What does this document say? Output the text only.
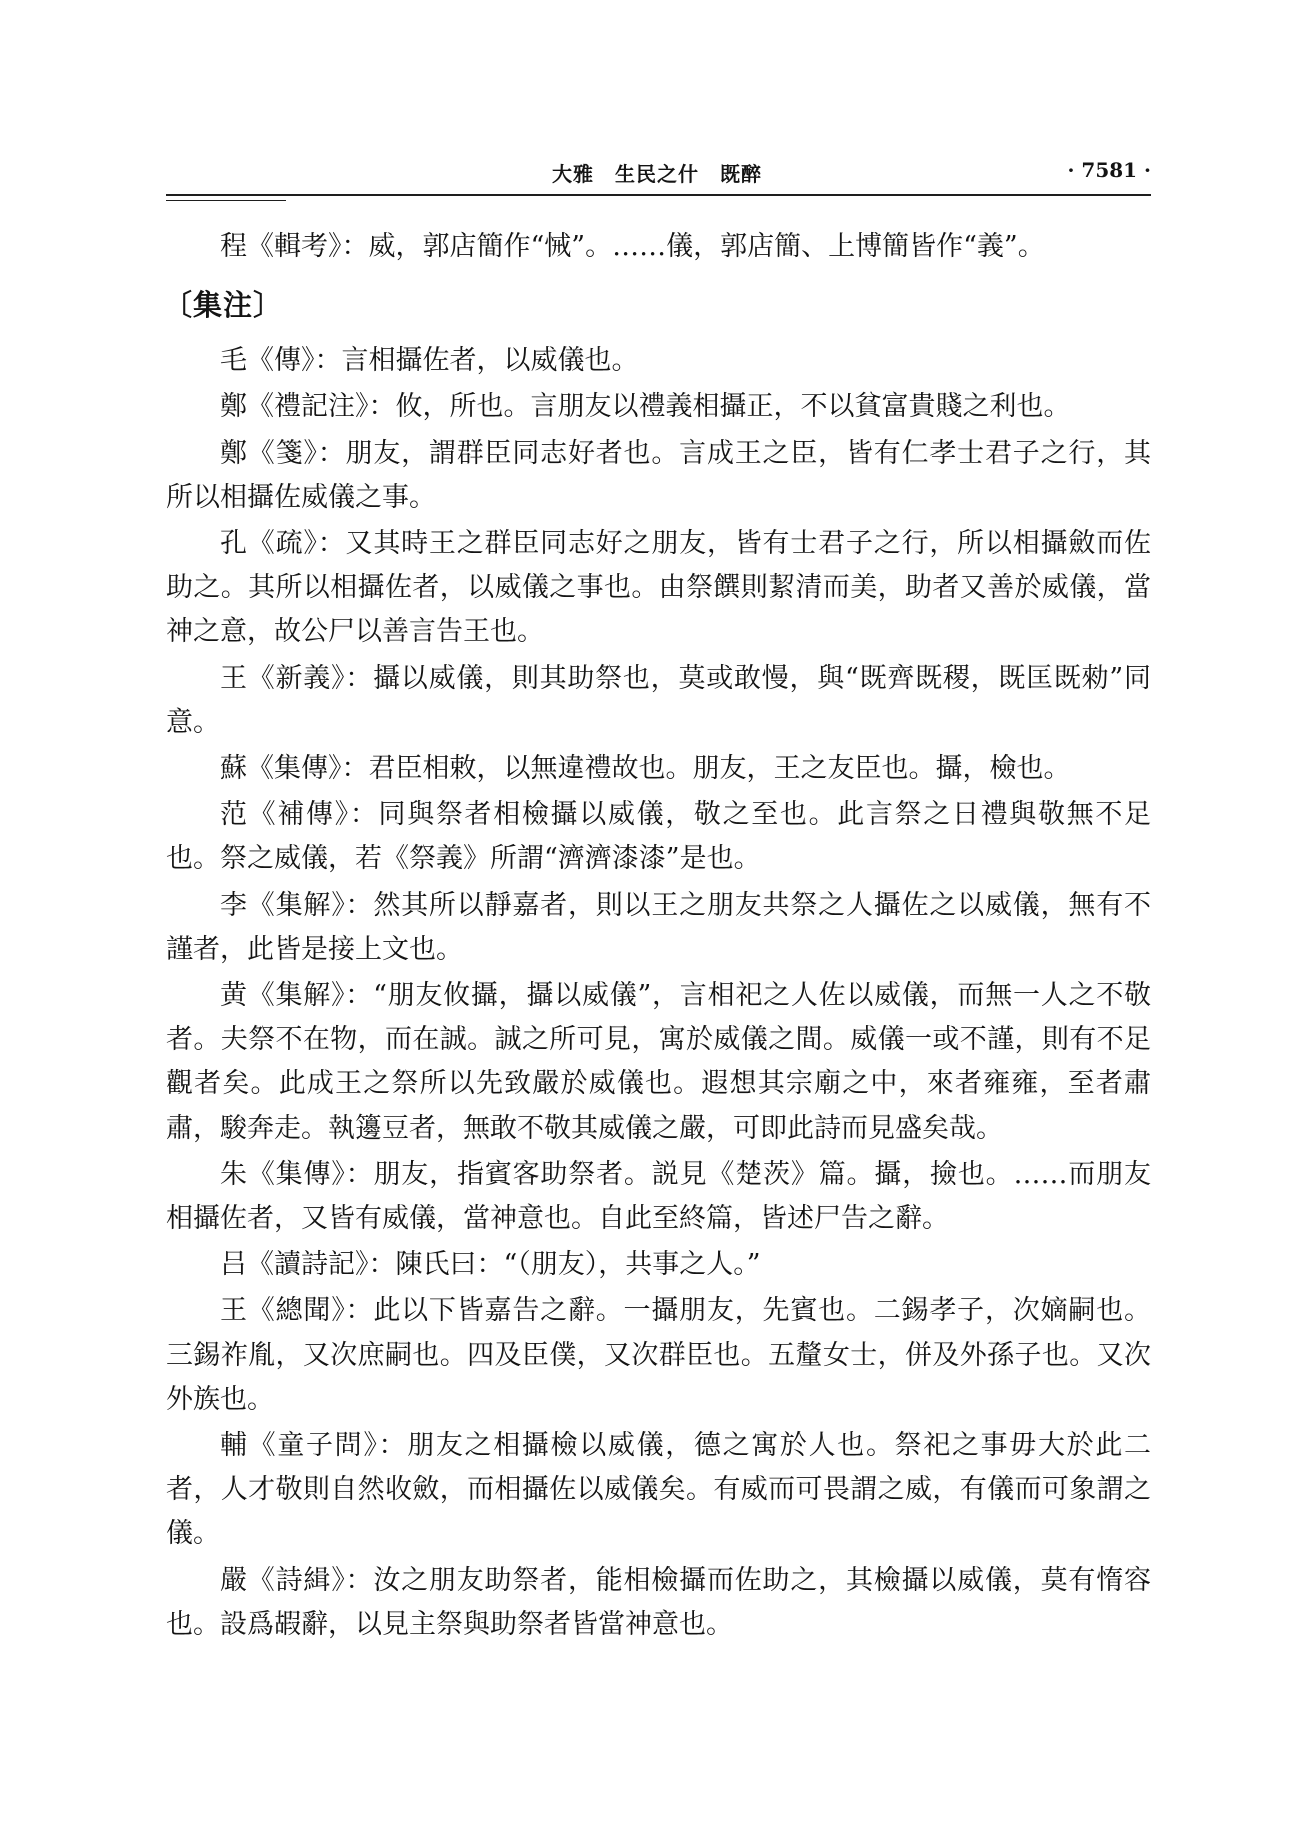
大雅　生民之什　既醉	· 7581 ·

程《輯考》：威，郭店簡作“悈”。……儀，郭店簡、上博簡皆作“義”。

〔集注〕

毛《傳》：言相攝佐者，以威儀也。

鄭《禮記注》：攸，所也。言朋友以禮義相攝正，不以貧富貴賤之利也。

鄭《箋》：朋友，謂群臣同志好者也。言成王之臣，皆有仁孝士君子之行，其所以相攝佐威儀之事。

孔《疏》：又其時王之群臣同志好之朋友，皆有士君子之行，所以相攝斂而佐助之。其所以相攝佐者，以威儀之事也。由祭饌則絜清而美，助者又善於威儀，當神之意，故公尸以善言告王也。

王《新義》：攝以威儀，則其助祭也，莫或敢慢，與“既齊既稷，既匡既勑”同意。

蘇《集傳》：君臣相敕，以無違禮故也。朋友，王之友臣也。攝，檢也。

范《補傳》：同與祭者相檢攝以威儀，敬之至也。此言祭之日禮與敬無不足也。祭之威儀，若《祭義》所謂“濟濟漆漆”是也。

李《集解》：然其所以靜嘉者，則以王之朋友共祭之人攝佐之以威儀，無有不謹者，此皆是接上文也。

黄《集解》：“朋友攸攝，攝以威儀”，言相祀之人佐以威儀，而無一人之不敬者。夫祭不在物，而在誠。誠之所可見，寓於威儀之間。威儀一或不謹，則有不足觀者矣。此成王之祭所以先致嚴於威儀也。遐想其宗廟之中，來者雍雍，至者肅肅，駿奔走。執籩豆者，無敢不敬其威儀之嚴，可即此詩而見盛矣哉。

朱《集傳》：朋友，指賓客助祭者。説見《楚茨》篇。攝，撿也。……而朋友相攝佐者，又皆有威儀，當神意也。自此至終篇，皆述尸告之辭。

吕《讀詩記》：陳氏曰：“（朋友），共事之人。”

王《總聞》：此以下皆嘉告之辭。一攝朋友，先賓也。二錫孝子，次嫡嗣也。三錫祚胤，又次庶嗣也。四及臣僕，又次群臣也。五釐女士，併及外孫子也。又次外族也。

輔《童子問》：朋友之相攝檢以威儀，德之寓於人也。祭祀之事毋大於此二者，人才敬則自然收斂，而相攝佐以威儀矣。有威而可畏謂之威，有儀而可象謂之儀。

嚴《詩緝》：汝之朋友助祭者，能相檢攝而佐助之，其檢攝以威儀，莫有惰容也。設爲嘏辭，以見主祭與助祭者皆當神意也。
